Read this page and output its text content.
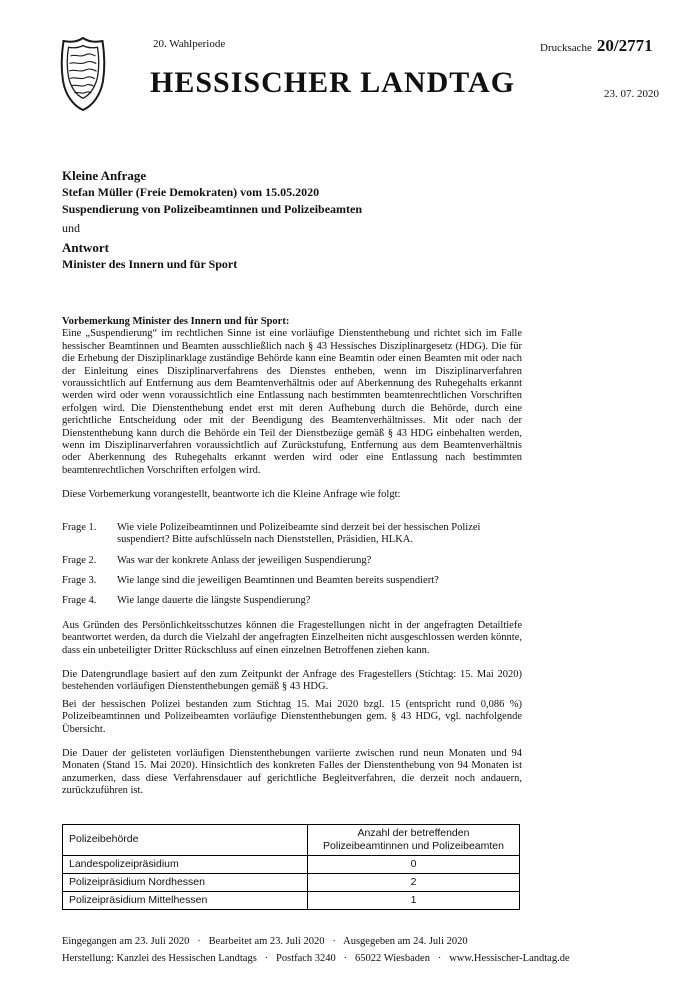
20. Wahlperiode
HESSISCHER LANDTAG
Drucksache 20/2771
23. 07. 2020
Kleine Anfrage
Stefan Müller (Freie Demokraten) vom 15.05.2020
Suspendierung von Polizeibeamtinnen und Polizeibeamten
und
Antwort
Minister des Innern und für Sport
Vorbemerkung Minister des Innern und für Sport:

Eine „Suspendierung“ im rechtlichen Sinne ist eine vorläufige Dienstenthebung und richtet sich im Falle hessischer Beamtinnen und Beamten ausschließlich nach § 43 Hessisches Disziplinargesetz (HDG). Die für die Erhebung der Disziplinarklage zuständige Behörde kann eine Beamtin oder einen Beamten mit oder nach der Einleitung eines Disziplinarverfahrens des Dienstes entheben, wenn im Disziplinarverfahren voraussichtlich auf Entfernung aus dem Beamtenverhältnis oder auf Aberkennung des Ruhegehalts erkannt werden wird oder wenn voraussichtlich eine Entlassung nach bestimmten beamtenrechtlichen Vorschriften erfolgen wird. Die Dienstenthebung endet erst mit deren Aufhebung durch die Behörde, durch eine gerichtliche Entscheidung oder mit der Beendigung des Beamtenverhältnisses. Mit oder nach der Dienstenthebung kann durch die Behörde ein Teil der Dienstbezüge gemäß § 43 HDG einbehalten werden, wenn im Disziplinarverfahren voraussichtlich auf Zurückstufung, Entfernung aus dem Beamtenverhältnis oder Aberkennung des Ruhegehalts erkannt werden wird oder eine Entlassung nach bestimmten beamtenrechtlichen Vorschriften erfolgen wird.

Diese Vorbemerkung vorangestellt, beantworte ich die Kleine Anfrage wie folgt:

Frage 1.	Wie viele Polizeibeamtinnen und Polizeibeamte sind derzeit bei der hessischen Polizei suspendiert? Bitte aufschlüsseln nach Dienststellen, Präsidien, HLKA.
Frage 2.	Was war der konkrete Anlass der jeweiligen Suspendierung?
Frage 3.	Wie lange sind die jeweiligen Beamtinnen und Beamten bereits suspendiert?
Frage 4.	Wie lange dauerte die längste Suspendierung?

Aus Gründen des Persönlichkeitsschutzes können die Fragestellungen nicht in der angefragten Detailtiefe beantwortet werden, da durch die Vielzahl der angefragten Einzelheiten nicht ausgeschlossen werden könnte, dass ein unbeteiligter Dritter Rückschluss auf einen einzelnen Betroffenen ziehen kann.

Die Datengrundlage basiert auf den zum Zeitpunkt der Anfrage des Fragestellers (Stichtag: 15. Mai 2020) bestehenden vorläufigen Dienstenthebungen gemäß § 43 HDG.

Bei der hessischen Polizei bestanden zum Stichtag 15. Mai 2020 bzgl. 15 (entspricht rund 0,086 %) Polizeibeamtinnen und Polizeibeamten vorläufige Dienstenthebungen gem. § 43 HDG, vgl. nachfolgende Übersicht.

Die Dauer der gelisteten vorläufigen Dienstenthebungen variierte zwischen rund neun Monaten und 94 Monaten (Stand 15. Mai 2020). Hinsichtlich des konkreten Falles der Dienstenthebung von 94 Monaten ist anzumerken, dass diese Verfahrensdauer auf gerichtliche Begleitverfahren, die derzeit noch andauern, zurückzuführen ist.

Polizeibehörde	Anzahl der betreffenden Polizeibeamtinnen und Polizeibeamten
Landespolizeipräsidium	0
Polizeipräsidium Nordhessen	2
Polizeipräsidium Mittelhessen	1
Eingegangen am 23. Juli 2020   ·   Bearbeitet am 23. Juli 2020   ·   Ausgegeben am 24. Juli 2020
Herstellung: Kanzlei des Hessischen Landtags   ·   Postfach 3240   ·   65022 Wiesbaden   ·   www.Hessischer-Landtag.de
